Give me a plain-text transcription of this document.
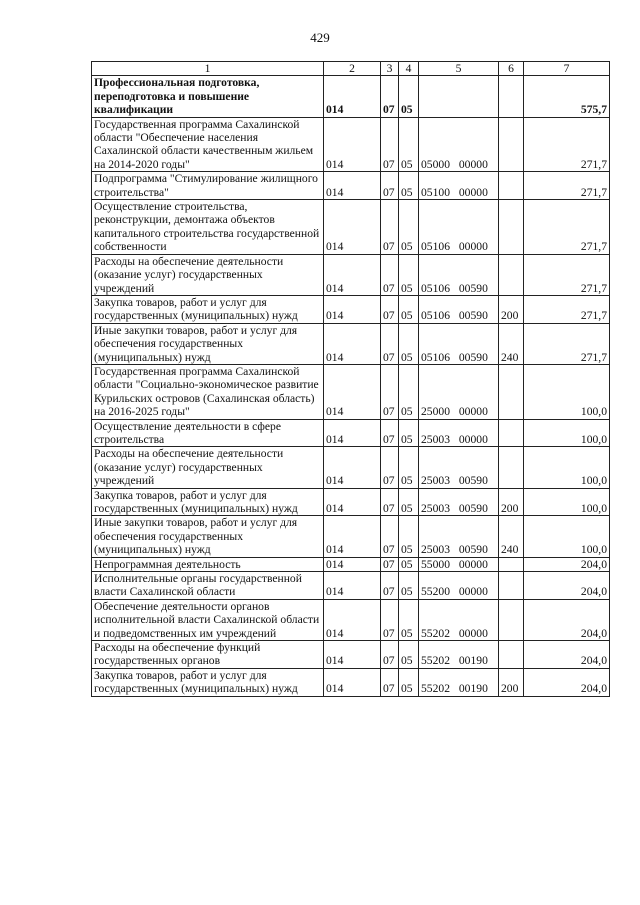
429
1	2	3	4	5	6	7
Профессиональная подготовка, переподготовка и повышение квалификации	014	07	05			575,7
Государственная программа Сахалинской области "Обеспечение населения Сахалинской области качественным жильем на 2014-2020 годы"	014	07	05	05000 00000		271,7
Подпрограмма "Стимулирование жилищного строительства"	014	07	05	05100 00000		271,7
Осуществление строительства, реконструкции, демонтажа объектов капитального строительства государственной собственности	014	07	05	05106 00000		271,7
Расходы на обеспечение деятельности (оказание услуг) государственных учреждений	014	07	05	05106 00590		271,7
Закупка товаров, работ и услуг для государственных (муниципальных) нужд	014	07	05	05106 00590	200	271,7
Иные закупки товаров, работ и услуг для обеспечения государственных (муниципальных) нужд	014	07	05	05106 00590	240	271,7
Государственная программа Сахалинской области "Социально-экономическое развитие Курильских островов (Сахалинская область) на 2016-2025 годы"	014	07	05	25000 00000		100,0
Осуществление деятельности в сфере строительства	014	07	05	25003 00000		100,0
Расходы на обеспечение деятельности (оказание услуг) государственных учреждений	014	07	05	25003 00590		100,0
Закупка товаров, работ и услуг для государственных (муниципальных) нужд	014	07	05	25003 00590	200	100,0
Иные закупки товаров, работ и услуг для обеспечения государственных (муниципальных) нужд	014	07	05	25003 00590	240	100,0
Непрограммная деятельность	014	07	05	55000 00000		204,0
Исполнительные органы государственной власти Сахалинской области	014	07	05	55200 00000		204,0
Обеспечение деятельности органов исполнительной власти Сахалинской области и подведомственных им учреждений	014	07	05	55202 00000		204,0
Расходы на обеспечение функций государственных органов	014	07	05	55202 00190		204,0
Закупка товаров, работ и услуг для государственных (муниципальных) нужд	014	07	05	55202 00190	200	204,0
